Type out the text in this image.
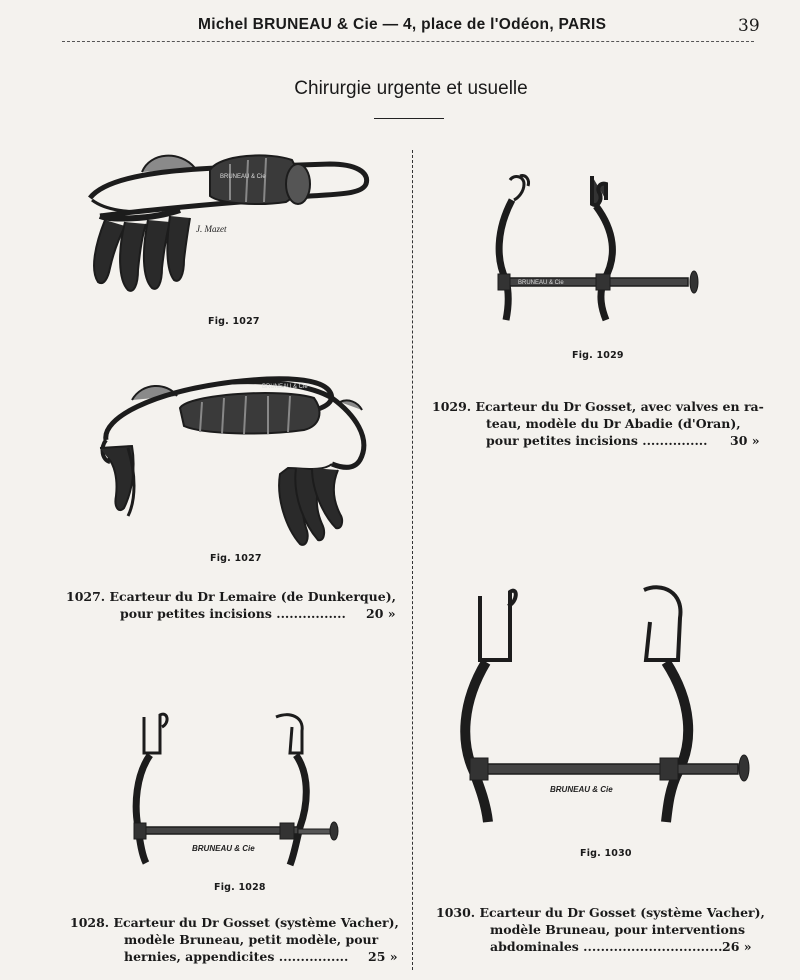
Michel BRUNEAU & Cie — 4, place de l'Odéon, PARIS	39
Chirurgie urgente et usuelle
BRUNEAU & Cie
J. Mazet
Fig. 1027
BRUNEAU & Cie
Fig. 1027
1027. Ecarteur du Dr Lemaire (de Dunkerque),
pour petites incisions ................ 20 »
BRUNEAU & Cie
Fig. 1028
1028. Ecarteur du Dr Gosset (système Vacher),
modèle Bruneau, petit modèle, pour
hernies, appendicites ................ 25 »
BRUNEAU & Cie
Fig. 1029
1029. Ecarteur du Dr Gosset, avec valves en ra-
teau, modèle du Dr Abadie (d'Oran),
pour petites incisions ............... 30 »
BRUNEAU & Cie
Fig. 1030
1030. Ecarteur du Dr Gosset (système Vacher),
modèle Bruneau, pour interventions
abdominales ................................ 26 »
